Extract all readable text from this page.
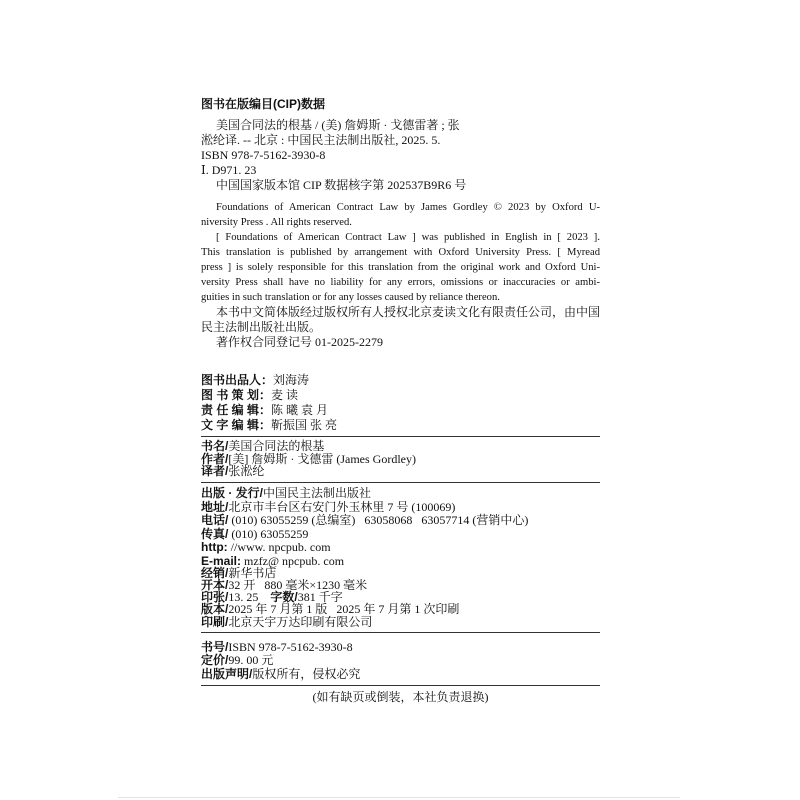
图书在版编目(CIP)数据
美国合同法的根基 / (美) 詹姆斯 · 戈德雷著 ; 张
淞纶译. -- 北京 : 中国民主法制出版社, 2025. 5.
ISBN 978-7-5162-3930-8
Ⅰ. D971. 23
中国国家版本馆 CIP 数据核字第 202537B9R6 号
Foundations of American Contract Law by James Gordley © 2023 by Oxford U-
niversity Press . All rights reserved.
[ Foundations of American Contract Law ] was published in English in [ 2023 ].
This translation is published by arrangement with Oxford University Press. [ Myread
press ] is solely responsible for this translation from the original work and Oxford Uni-
versity Press shall have no liability for any errors, omissions or inaccuracies or ambi-
guities in such translation or for any losses caused by reliance thereon.
本书中文简体版经过版权所有人授权北京麦读文化有限责任公司，由中国
民主法制出版社出版。
著作权合同登记号 01-2025-2279
图书出品人：刘海涛
图 书 策 划：麦 读
责 任 编 辑：陈 曦 袁 月
文 字 编 辑：靳振国 张 亮
书名/美国合同法的根基
作者/[美] 詹姆斯 · 戈德雷 (James Gordley)
译者/张淞纶
出版 · 发行/中国民主法制出版社
地址/北京市丰台区右安门外玉林里 7 号 (100069)
电话/ (010) 63055259 (总编室)   63058068   63057714 (营销中心)
传真/ (010) 63055259
http: //www. npcpub. com
E-mail: mzfz@ npcpub. com
经销/新华书店
开本/32 开   880 毫米×1230 毫米
印张/13. 25 字数/381 千字
版本/2025 年 7 月第 1 版   2025 年 7 月第 1 次印刷
印刷/北京天宇万达印刷有限公司
书号/ISBN 978-7-5162-3930-8
定价/99. 00 元
出版声明/版权所有，侵权必究
(如有缺页或倒装，本社负责退换)
